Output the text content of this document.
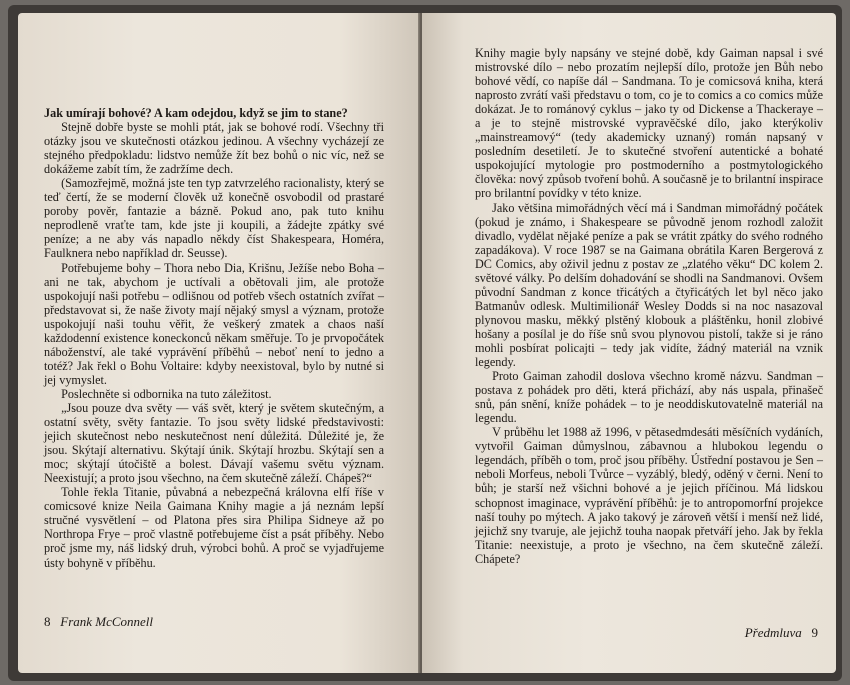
Jak umírají bohové? A kam odejdou, když se jim to stane?

Stejně dobře byste se mohli ptát, jak se bohové rodí. Všechny tři otázky jsou ve skutečnosti otázkou jedinou. A všechny vycházejí ze stejného předpokladu: lidstvo nemůže žít bez bohů o nic víc, než se dokážeme zabít tím, že zadržíme dech.

(Samozřejmě, možná jste ten typ zatvrzelého racionalisty, který se teď čertí, že se moderní člověk už konečně osvobodil od prastaré poroby pověr, fantazie a bázně. Pokud ano, pak tuto knihu neprodleně vraťte tam, kde jste ji koupili, a žádejte zpátky své peníze; a ne aby vás napadlo někdy číst Shakespeara, Homéra, Faulknera nebo například dr. Seusse).

Potřebujeme bohy – Thora nebo Dia, Krišnu, Ježíše nebo Boha – ani ne tak, abychom je uctívali a obětovali jim, ale protože uspokojují naši potřebu – odlišnou od potřeb všech ostatních zvířat – představovat si, že naše životy mají nějaký smysl a význam, protože uspokojují naši touhu věřit, že veškerý zmatek a chaos naší každodenní existence koneckonců někam směřuje. To je prvopočátek náboženství, ale také vyprávění příběhů – neboť není to jedno a totéž? Jak řekl o Bohu Voltaire: kdyby neexistoval, bylo by nutné si jej vymyslet.

Poslechněte si odbornika na tuto záležitost.

„Jsou pouze dva světy — váš svět, který je světem skutečným, a ostatní světy, světy fantazie. To jsou světy lidské představivosti: jejich skutečnost nebo neskutečnost není důležitá. Důležité je, že jsou. Skýtají alternativu. Skýtají únik. Skýtají hrozbu. Skýtají sen a moc; skýtají útočiště a bolest. Dávají vašemu světu význam. Neexistují; a proto jsou všechno, na čem skutečně záleží. Chápeš?“

Tohle řekla Titanie, půvabná a nebezpečná královna elfí říše v comicsové knize Neila Gaimana Knihy magie a já neznám lepší stručné vysvětlení – od Platona přes sira Philipa Sidneye až po Northropa Frye – proč vlastně potřebujeme číst a psát příběhy. Nebo proč jsme my, náš lidský druh, výrobci bohů. A proč se vyjadřujeme ústy bohyně v příběhu.

8 Frank McConnell

Knihy magie byly napsány ve stejné době, kdy Gaiman napsal i své mistrovské dílo – nebo prozatím nejlepší dílo, protože jen Bůh nebo bohové vědí, co napíše dál – Sandmana. To je comicsová kniha, která naprosto zvrátí vaši představu o tom, co je to comics a co comics může dokázat. Je to románový cyklus – jako ty od Dickense a Thackeraye – a je to stejně mistrovské vypravěčské dílo, jako kterýkoliv „mainstreamový“ (tedy akademicky uznaný) román napsaný v posledním desetiletí. Je to skutečné stvoření autentické a bohaté uspokojující mytologie pro postmoderního a postmytologického člověka: nový způsob tvoření bohů. A současně je to brilantní inspirace pro brilantní povídky v této knize.

Jako většina mimořádných věcí má i Sandman mimořádný počátek (pokud je známo, i Shakespeare se původně jenom rozhodl založit divadlo, vydělat nějaké peníze a pak se vrátit zpátky do svého rodného zapadákova). V roce 1987 se na Gaimana obrátila Karen Bergerová z DC Comics, aby oživil jednu z postav ze „zlatého věku“ DC kolem 2. světové války. Po delším dohadování se shodli na Sandmanovi. Ovšem původní Sandman z konce třicátých a čtyřicátých let byl něco jako Batmanův odlesk. Multimilionář Wesley Dodds si na noc nasazoval plynovou masku, měkký plstěný klobouk a pláštěnku, honil zlobivé hošany a posílal je do říše snů svou plynovou pistolí, takže si je ráno mohli posbírat policajti – tedy jak vidíte, žádný materiál na vznik legendy.

Proto Gaiman zahodil doslova všechno kromě názvu. Sandman – postava z pohádek pro děti, která přichází, aby nás uspala, přinašeč snů, pán snění, kníže pohádek – to je neoddiskutovatelně materiál na legendu.

V průběhu let 1988 až 1996, v pětasedmdesáti měsíčních vydáních, vytvořil Gaiman důmyslnou, zábavnou a hlubokou legendu o legendách, příběh o tom, proč jsou příběhy. Ústřední postavou je Sen – neboli Morfeus, neboli Tvůrce – vyzáblý, bledý, oděný v černi. Není to bůh; je starší než všichni bohové a je jejich příčinou. Má lidskou schopnost imaginace, vyprávění příběhů: je to antropomorfní projekce naší touhy po mýtech. A jako takový je zároveň větší i menší než lidé, jejichž sny tvaruje, ale jejichž touha naopak přetváří jeho. Jak by řekla Titanie: neexistuje, a proto je všechno, na čem skutečně záleží. Chápete?

Předmluva 9
